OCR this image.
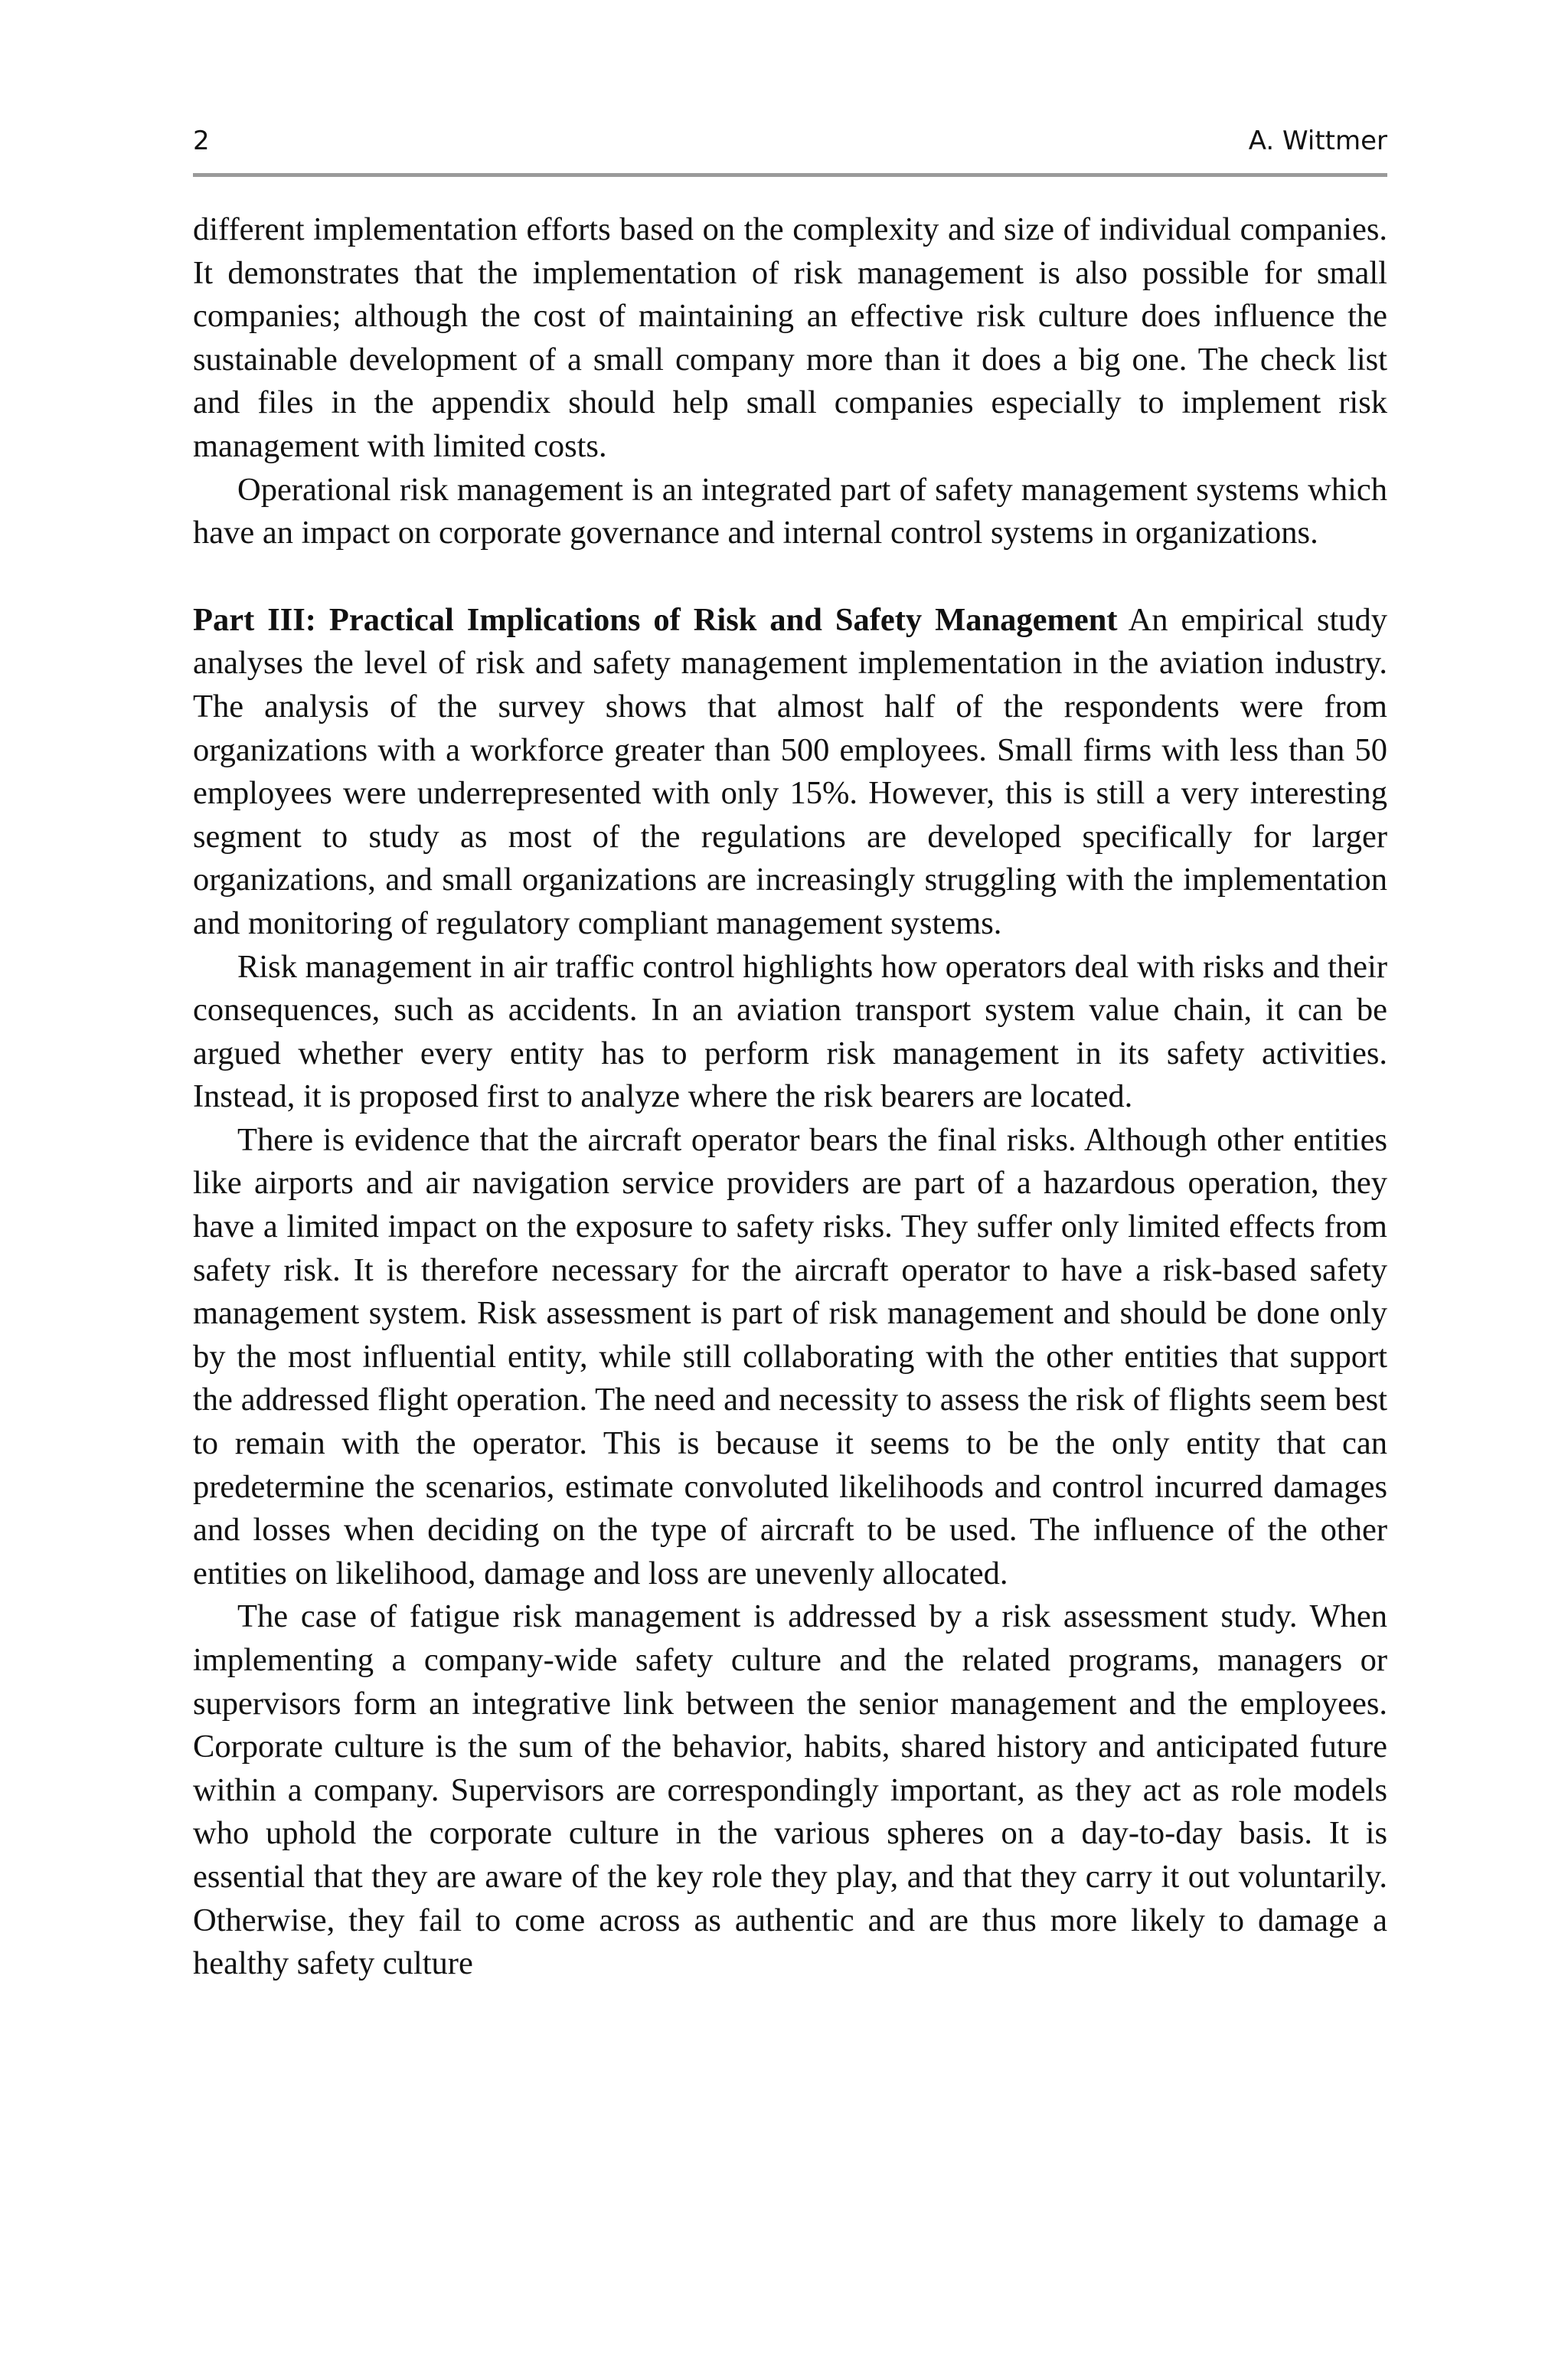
2	A. Wittmer

different implementation efforts based on the complexity and size of individual companies. It demonstrates that the implementation of risk management is also possible for small companies; although the cost of maintaining an effective risk culture does influence the sustainable development of a small company more than it does a big one. The check list and files in the appendix should help small companies especially to implement risk management with limited costs.

Operational risk management is an integrated part of safety management systems which have an impact on corporate governance and internal control systems in organizations.

Part III: Practical Implications of Risk and Safety Management An empirical study analyses the level of risk and safety management implementation in the aviation industry. The analysis of the survey shows that almost half of the respondents were from organizations with a workforce greater than 500 employees. Small firms with less than 50 employees were underrepresented with only 15%. However, this is still a very interesting segment to study as most of the regulations are developed specifically for larger organizations, and small organizations are increasingly struggling with the implementation and monitoring of regulatory compliant management systems.

Risk management in air traffic control highlights how operators deal with risks and their consequences, such as accidents. In an aviation transport system value chain, it can be argued whether every entity has to perform risk management in its safety activities. Instead, it is proposed first to analyze where the risk bearers are located.

There is evidence that the aircraft operator bears the final risks. Although other entities like airports and air navigation service providers are part of a hazardous operation, they have a limited impact on the exposure to safety risks. They suffer only limited effects from safety risk. It is therefore necessary for the aircraft operator to have a risk-based safety management system. Risk assessment is part of risk management and should be done only by the most influential entity, while still collaborating with the other entities that support the addressed flight operation. The need and necessity to assess the risk of flights seem best to remain with the operator. This is because it seems to be the only entity that can predetermine the scenarios, estimate convoluted likelihoods and control incurred damages and losses when deciding on the type of aircraft to be used. The influence of the other entities on likelihood, damage and loss are unevenly allocated.

The case of fatigue risk management is addressed by a risk assessment study. When implementing a company-wide safety culture and the related programs, managers or supervisors form an integrative link between the senior management and the employees. Corporate culture is the sum of the behavior, habits, shared history and anticipated future within a company. Supervisors are correspondingly important, as they act as role models who uphold the corporate culture in the various spheres on a day-to-day basis. It is essential that they are aware of the key role they play, and that they carry it out voluntarily. Otherwise, they fail to come across as authentic and are thus more likely to damage a healthy safety culture
